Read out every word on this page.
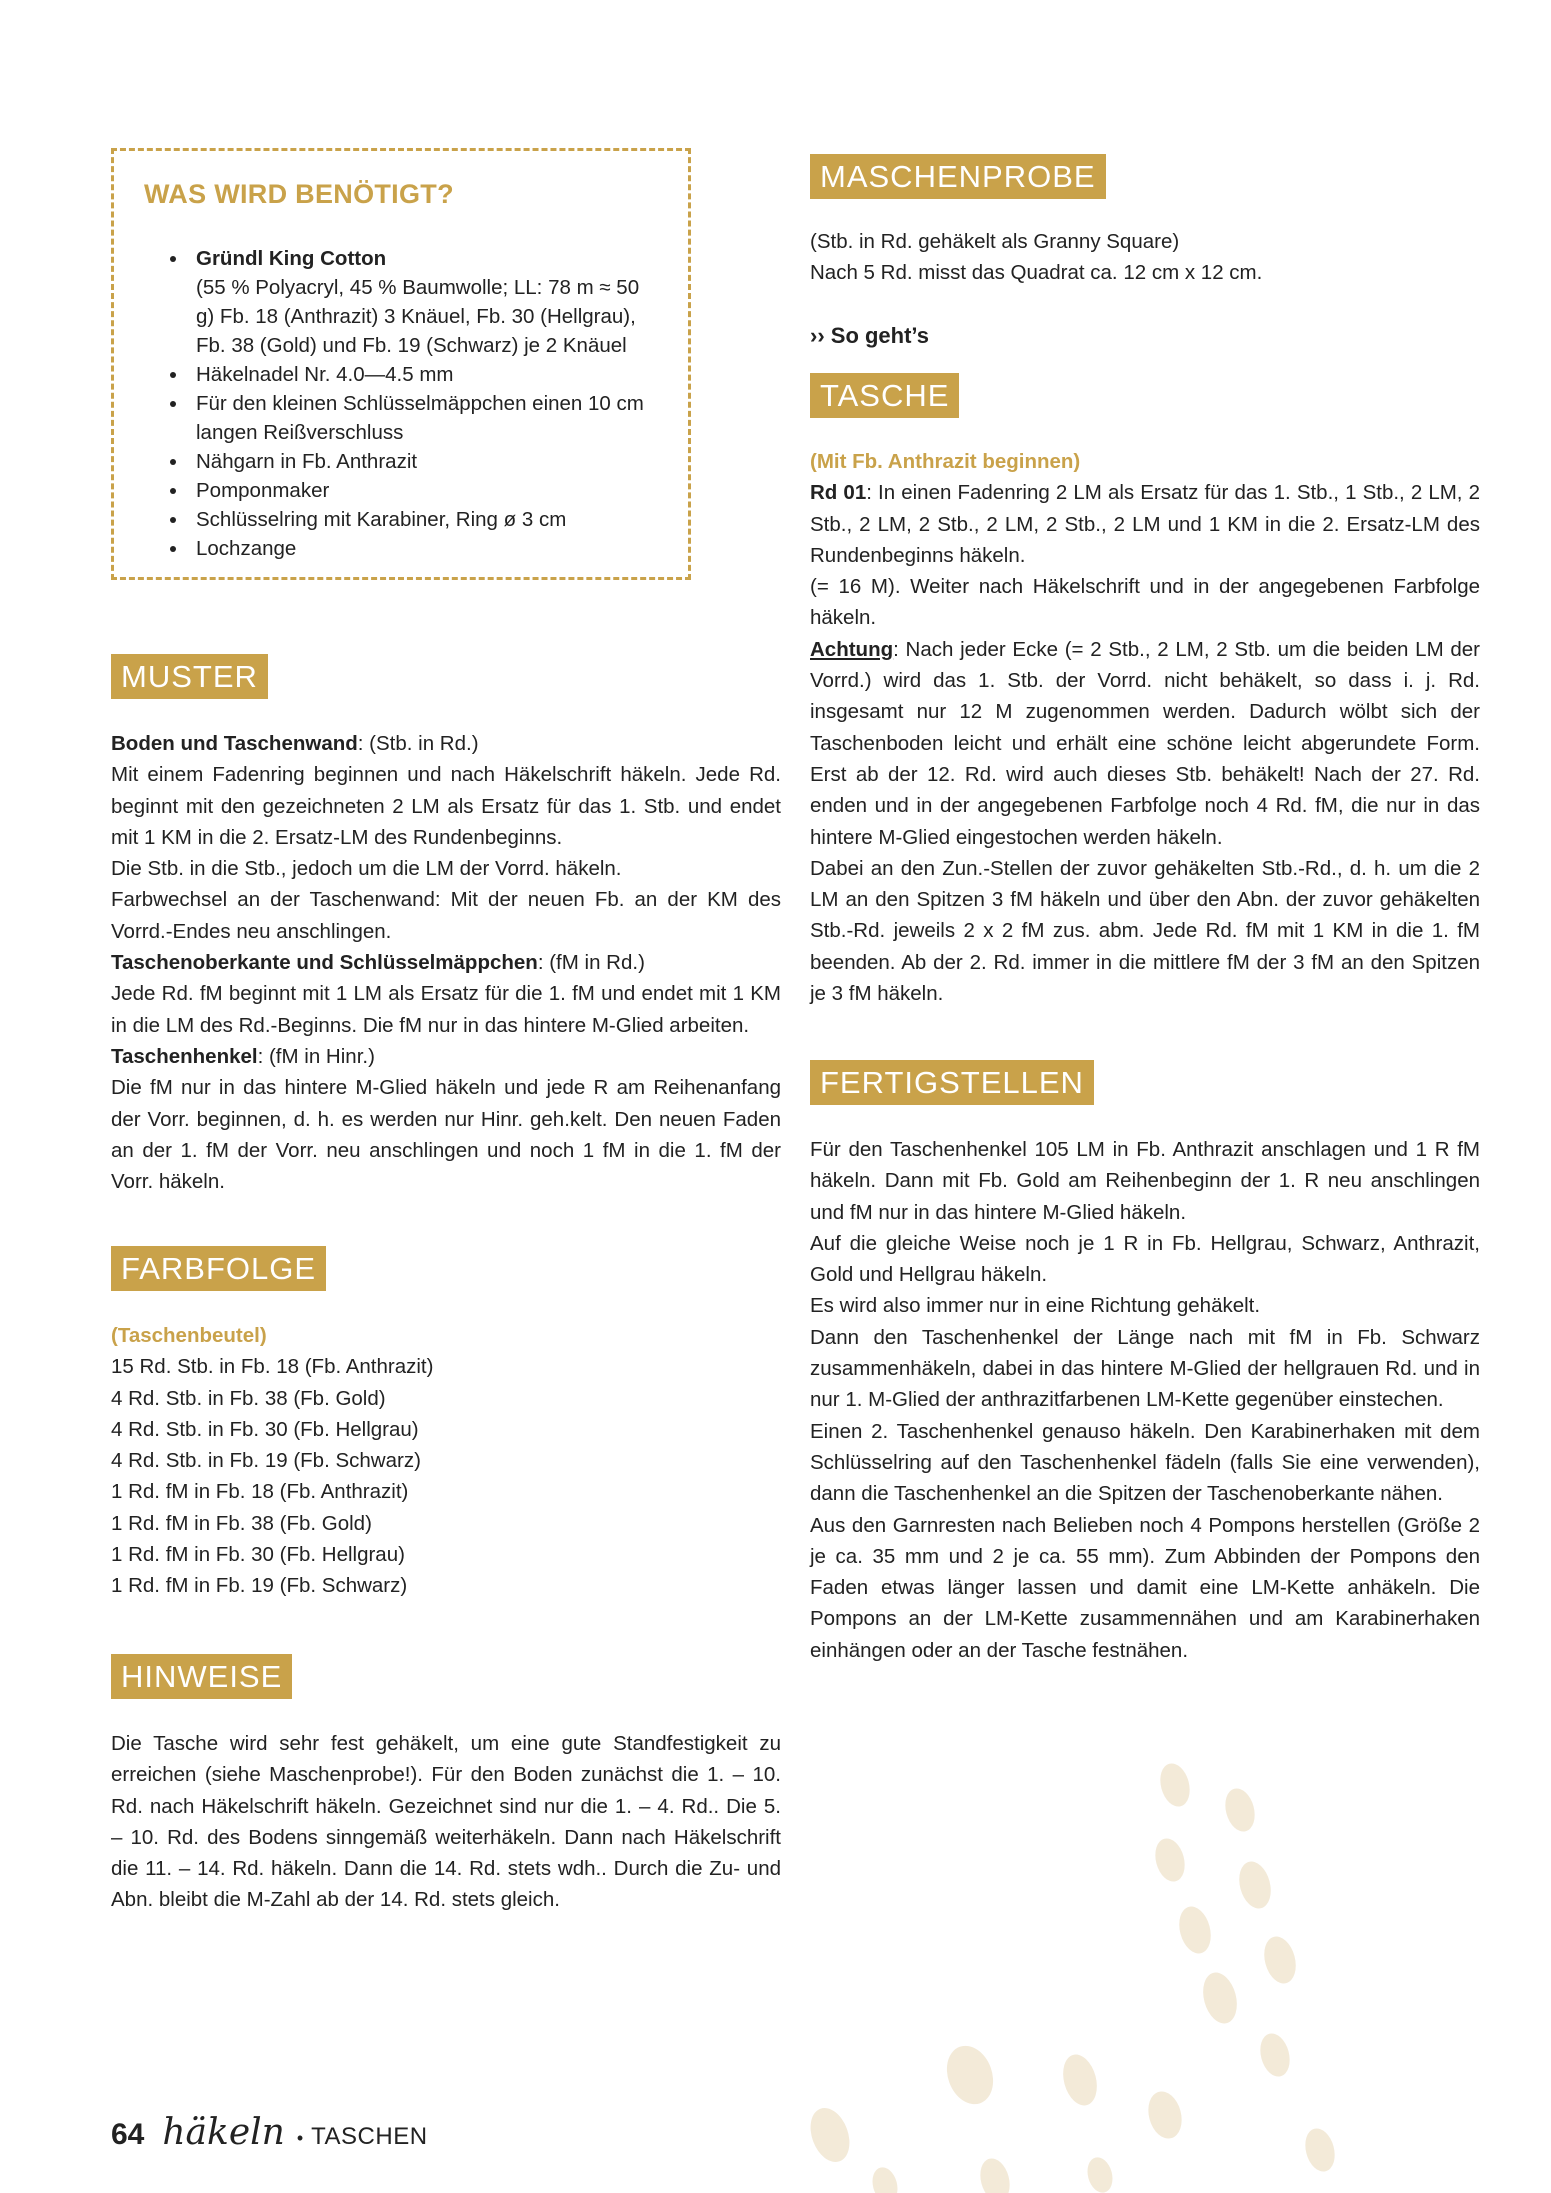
WAS WIRD BENÖTIGT?
Gründl King Cotton
(55 % Polyacryl, 45 % Baumwolle; LL: 78 m ≈ 50 g) Fb. 18 (Anthrazit) 3 Knäuel, Fb. 30 (Hellgrau), Fb. 38 (Gold) und Fb. 19 (Schwarz) je 2 Knäuel
Häkelnadel Nr. 4.0—4.5 mm
Für den kleinen Schlüsselmäppchen einen 10 cm langen Reißverschluss
Nähgarn in Fb. Anthrazit
Pomponmaker
Schlüsselring mit Karabiner, Ring ø 3 cm
Lochzange
MUSTER

Boden und Taschenwand: (Stb. in Rd.)

Mit einem Fadenring beginnen und nach Häkelschrift häkeln. Jede Rd. beginnt mit den gezeichneten 2 LM als Ersatz für das 1. Stb. und endet mit 1 KM in die 2. Ersatz-LM des Rundenbeginns.

Die Stb. in die Stb., jedoch um die LM der Vorrd. häkeln.

Farbwechsel an der Taschenwand: Mit der neuen Fb. an der KM des Vorrd.-Endes neu anschlingen.

Taschenoberkante und Schlüsselmäppchen: (fM in Rd.)

Jede Rd. fM beginnt mit 1 LM als Ersatz für die 1. fM und endet mit 1 KM in die LM des Rd.-Beginns. Die fM nur in das hintere M-Glied arbeiten.

Taschenhenkel: (fM in Hinr.)

Die fM nur in das hintere M-Glied häkeln und jede R am Reihenanfang der Vorr. beginnen, d. h. es werden nur Hinr. geh.kelt. Den neuen Faden an der 1. fM der Vorr. neu anschlingen und noch 1 fM in die 1. fM der Vorr. häkeln.

FARBFOLGE

(Taschenbeutel)

15 Rd. Stb. in Fb. 18 (Fb. Anthrazit)

4 Rd. Stb. in Fb. 38 (Fb. Gold)

4 Rd. Stb. in Fb. 30 (Fb. Hellgrau)

4 Rd. Stb. in Fb. 19 (Fb. Schwarz)

1 Rd. fM in Fb. 18 (Fb. Anthrazit)

1 Rd. fM in Fb. 38 (Fb. Gold)

1 Rd. fM in Fb. 30 (Fb. Hellgrau)

1 Rd. fM in Fb. 19 (Fb. Schwarz)

HINWEISE

Die Tasche wird sehr fest gehäkelt, um eine gute Standfestigkeit zu erreichen (siehe Maschenprobe!). Für den Boden zunächst die 1. – 10. Rd. nach Häkelschrift häkeln. Gezeichnet sind nur die 1. – 4. Rd.. Die 5. – 10. Rd. des Bodens sinngemäß weiterhäkeln. Dann nach Häkelschrift die 11. – 14. Rd. häkeln. Dann die 14. Rd. stets wdh.. Durch die Zu- und Abn. bleibt die M-Zahl ab der 14. Rd. stets gleich.

MASCHENPROBE

(Stb. in Rd. gehäkelt als Granny Square)

Nach 5 Rd. misst das Quadrat ca. 12 cm x 12 cm.

›› So geht’s
TASCHE

(Mit Fb. Anthrazit beginnen)

Rd 01: In einen Fadenring 2 LM als Ersatz für das 1. Stb., 1 Stb., 2 LM, 2 Stb., 2 LM, 2 Stb., 2 LM, 2 Stb., 2 LM und 1 KM in die 2. Ersatz-LM des Rundenbeginns häkeln.

(= 16 M). Weiter nach Häkelschrift und in der angegebenen Farbfolge häkeln.

Achtung: Nach jeder Ecke (= 2 Stb., 2 LM, 2 Stb. um die beiden LM der Vorrd.) wird das 1. Stb. der Vorrd. nicht behäkelt, so dass i. j. Rd. insgesamt nur 12 M zugenommen werden. Dadurch wölbt sich der Taschenboden leicht und erhält eine schöne leicht abgerundete Form. Erst ab der 12. Rd. wird auch dieses Stb. behäkelt! Nach der 27. Rd. enden und in der angegebenen Farbfolge noch 4 Rd. fM, die nur in das hintere M-Glied eingestochen werden häkeln.

Dabei an den Zun.-Stellen der zuvor gehäkelten Stb.-Rd., d. h. um die 2 LM an den Spitzen 3 fM häkeln und über den Abn. der zuvor gehäkelten Stb.-Rd. jeweils 2 x 2 fM zus. abm. Jede Rd. fM mit 1 KM in die 1. fM beenden. Ab der 2. Rd. immer in die mittlere fM der 3 fM an den Spitzen je 3 fM häkeln.

FERTIGSTELLEN

Für den Taschenhenkel 105 LM in Fb. Anthrazit anschlagen und 1 R fM häkeln. Dann mit Fb. Gold am Reihenbeginn der 1. R neu anschlingen und fM nur in das hintere M-Glied häkeln.

Auf die gleiche Weise noch je 1 R in Fb. Hellgrau, Schwarz, Anthrazit, Gold und Hellgrau häkeln.

Es wird also immer nur in eine Richtung gehäkelt.

Dann den Taschenhenkel der Länge nach mit fM in Fb. Schwarz zusammenhäkeln, dabei in das hintere M-Glied der hellgrauen Rd. und in nur 1. M-Glied der anthrazitfarbenen LM-Kette gegenüber einstechen.

Einen 2. Taschenhenkel genauso häkeln. Den Karabinerhaken mit dem Schlüsselring auf den Taschenhenkel fädeln (falls Sie eine verwenden), dann die Taschenhenkel an die Spitzen der Taschenoberkante nähen.

Aus den Garnresten nach Belieben noch 4 Pompons herstellen (Größe 2 je ca. 35 mm und 2 je ca. 55 mm). Zum Abbinden der Pompons den Faden etwas länger lassen und damit eine LM-Kette anhäkeln. Die Pompons an der LM-Kette zusammennähen und am Karabinerhaken einhängen oder an der Tasche festnähen.

64 häkeln • TASCHEN
